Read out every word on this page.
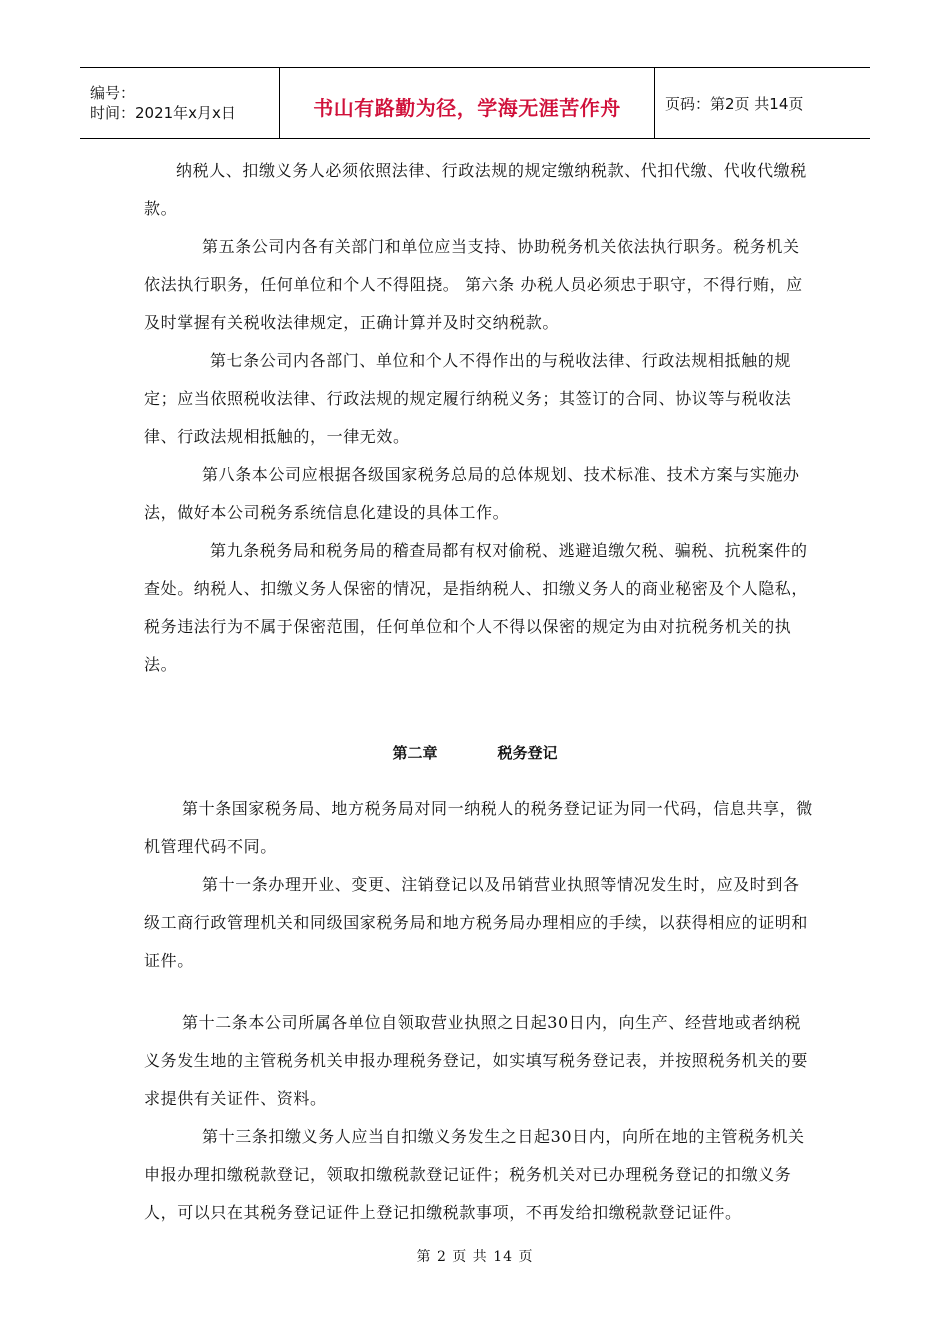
编号：
时间：2021年x月x日	书山有路勤为径，学海无涯苦作舟	页码：第2页 共14页

纳税人、扣缴义务人必须依照法律、行政法规的规定缴纳税款、代扣代缴、代收代缴税款。

第五条公司内各有关部门和单位应当支持、协助税务机关依法执行职务。税务机关依法执行职务，任何单位和个人不得阻挠。 第六条 办税人员必须忠于职守，不得行贿，应及时掌握有关税收法律规定，正确计算并及时交纳税款。

第七条公司内各部门、单位和个人不得作出的与税收法律、行政法规相抵触的规定；应当依照税收法律、行政法规的规定履行纳税义务；其签订的合同、协议等与税收法律、行政法规相抵触的，一律无效。

第八条本公司应根据各级国家税务总局的总体规划、技术标准、技术方案与实施办法，做好本公司税务系统信息化建设的具体工作。

第九条税务局和税务局的稽查局都有权对偷税、逃避追缴欠税、骗税、抗税案件的查处。纳税人、扣缴义务人保密的情况，是指纳税人、扣缴义务人的商业秘密及个人隐私，税务违法行为不属于保密范围，任何单位和个人不得以保密的规定为由对抗税务机关的执法。

第二章	税务登记

第十条国家税务局、地方税务局对同一纳税人的税务登记证为同一代码，信息共享，微机管理代码不同。

第十一条办理开业、变更、注销登记以及吊销营业执照等情况发生时，应及时到各级工商行政管理机关和同级国家税务局和地方税务局办理相应的手续，以获得相应的证明和证件。

第十二条本公司所属各单位自领取营业执照之日起30日内，向生产、经营地或者纳税义务发生地的主管税务机关申报办理税务登记，如实填写税务登记表，并按照税务机关的要求提供有关证件、资料。

第十三条扣缴义务人应当自扣缴义务发生之日起30日内，向所在地的主管税务机关申报办理扣缴税款登记，领取扣缴税款登记证件；税务机关对已办理税务登记的扣缴义务人，可以只在其税务登记证件上登记扣缴税款事项，不再发给扣缴税款登记证件。

第 2 页 共 14 页
